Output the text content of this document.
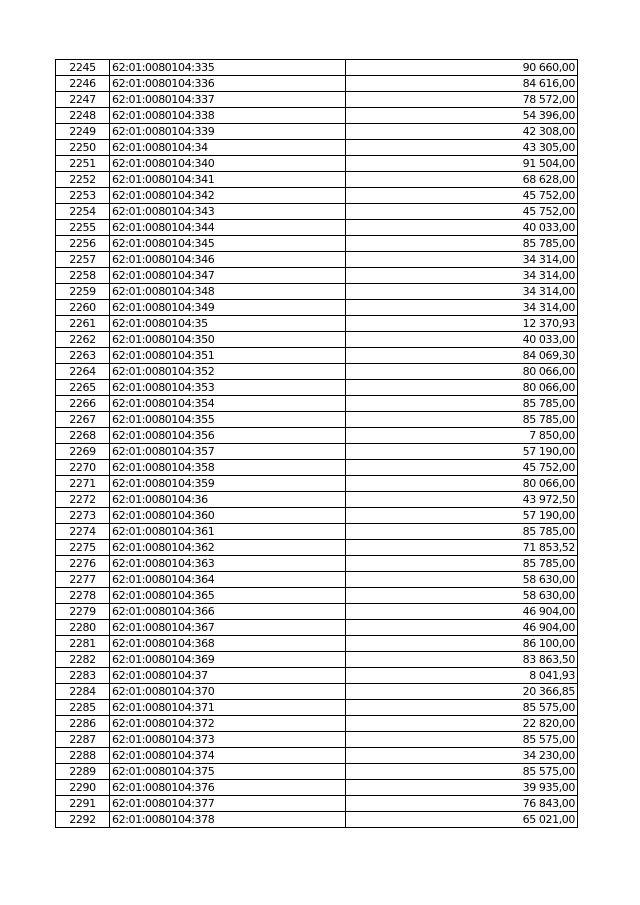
2245	62:01:0080104:335	90 660,00
2246	62:01:0080104:336	84 616,00
2247	62:01:0080104:337	78 572,00
2248	62:01:0080104:338	54 396,00
2249	62:01:0080104:339	42 308,00
2250	62:01:0080104:34	43 305,00
2251	62:01:0080104:340	91 504,00
2252	62:01:0080104:341	68 628,00
2253	62:01:0080104:342	45 752,00
2254	62:01:0080104:343	45 752,00
2255	62:01:0080104:344	40 033,00
2256	62:01:0080104:345	85 785,00
2257	62:01:0080104:346	34 314,00
2258	62:01:0080104:347	34 314,00
2259	62:01:0080104:348	34 314,00
2260	62:01:0080104:349	34 314,00
2261	62:01:0080104:35	12 370,93
2262	62:01:0080104:350	40 033,00
2263	62:01:0080104:351	84 069,30
2264	62:01:0080104:352	80 066,00
2265	62:01:0080104:353	80 066,00
2266	62:01:0080104:354	85 785,00
2267	62:01:0080104:355	85 785,00
2268	62:01:0080104:356	7 850,00
2269	62:01:0080104:357	57 190,00
2270	62:01:0080104:358	45 752,00
2271	62:01:0080104:359	80 066,00
2272	62:01:0080104:36	43 972,50
2273	62:01:0080104:360	57 190,00
2274	62:01:0080104:361	85 785,00
2275	62:01:0080104:362	71 853,52
2276	62:01:0080104:363	85 785,00
2277	62:01:0080104:364	58 630,00
2278	62:01:0080104:365	58 630,00
2279	62:01:0080104:366	46 904,00
2280	62:01:0080104:367	46 904,00
2281	62:01:0080104:368	86 100,00
2282	62:01:0080104:369	83 863,50
2283	62:01:0080104:37	8 041,93
2284	62:01:0080104:370	20 366,85
2285	62:01:0080104:371	85 575,00
2286	62:01:0080104:372	22 820,00
2287	62:01:0080104:373	85 575,00
2288	62:01:0080104:374	34 230,00
2289	62:01:0080104:375	85 575,00
2290	62:01:0080104:376	39 935,00
2291	62:01:0080104:377	76 843,00
2292	62:01:0080104:378	65 021,00
